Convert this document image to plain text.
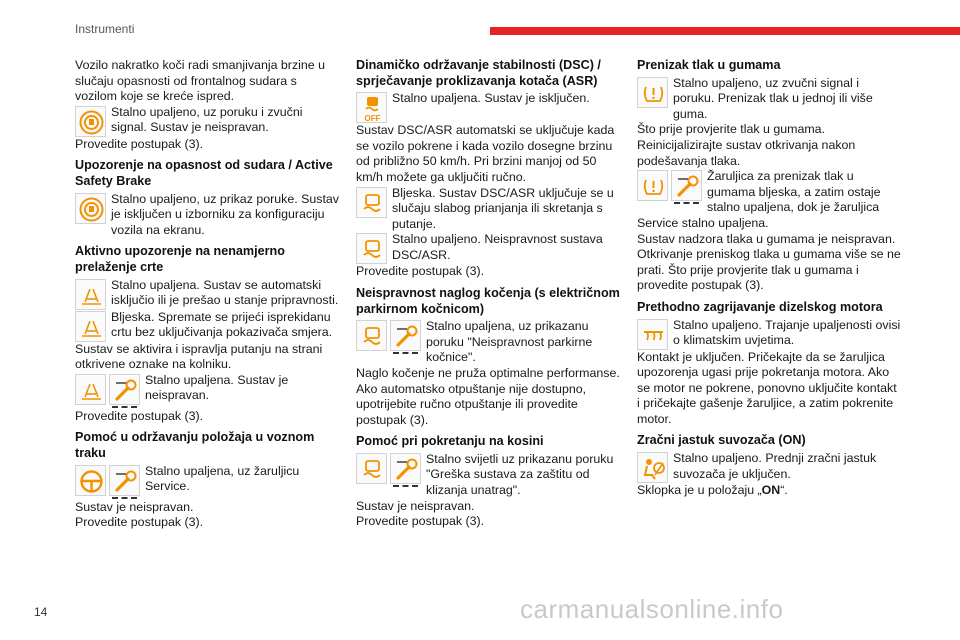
Instrumenti

Vozilo nakratko koči radi smanjivanja brzine u slučaju opasnosti od frontalnog sudara s vozilom koje se kreće ispred.

Stalno upaljeno, uz poruku i zvučni signal. Sustav je neispravan.

Provedite postupak (3).

Upozorenje na opasnost od sudara / Active Safety Brake

Stalno upaljeno, uz prikaz poruke. Sustav je isključen u izborniku za konfiguraciju vozila na ekranu.

Aktivno upozorenje na nenamjerno prelaženje crte

Stalno upaljena. Sustav se automatski isključio ili je prešao u stanje pripravnosti.

Bljeska. Spremate se prijeći isprekidanu crtu bez uključivanja pokazivača smjera.

Sustav se aktivira i ispravlja putanju na strani otkrivene oznake na kolniku.

Stalno upaljena. Sustav je neispravan.

Provedite postupak (3).

Pomoć u održavanju položaja u voznom traku

Stalno upaljena, uz žaruljicu Service.

Sustav je neispravan.

Provedite postupak (3).

Dinamičko održavanje stabilnosti (DSC) / sprječavanje proklizavanja kotača (ASR)
OFF

Stalno upaljena. Sustav je isključen.

Sustav DSC/ASR automatski se uključuje kada se vozilo pokrene i kada vozilo dosegne brzinu od približno 50 km/h. Pri brzini manjoj od 50 km/h možete ga uključiti ručno.

Bljeska. Sustav DSC/ASR uključuje se u slučaju slabog prianjanja ili skretanja s putanje.

Stalno upaljeno. Neispravnost sustava DSC/ASR.

Provedite postupak (3).

Neispravnost naglog kočenja (s električnom parkirnom kočnicom)

Stalno upaljena, uz prikazanu poruku "Neispravnost parkirne kočnice".

Naglo kočenje ne pruža optimalne performanse. Ako automatsko otpuštanje nije dostupno, upotrijebite ručno otpuštanje ili provedite postupak (3).

Pomoć pri pokretanju na kosini

Stalno svijetli uz prikazanu poruku "Greška sustava za zaštitu od klizanja unatrag".

Sustav je neispravan.

Provedite postupak (3).

Prenizak tlak u gumama

Stalno upaljeno, uz zvučni signal i poruku. Prenizak tlak u jednoj ili više guma.

Što prije provjerite tlak u gumama. Reinicijalizirajte sustav otkrivanja nakon podešavanja tlaka.

Žaruljica za prenizak tlak u gumama bljeska, a zatim ostaje stalno upaljena, dok je žaruljica Service stalno upaljena.

Sustav nadzora tlaka u gumama je neispravan. Otkrivanje preniskog tlaka u gumama više se ne prati. Što prije provjerite tlak u gumama i provedite postupak (3).

Prethodno zagrijavanje dizelskog motora

Stalno upaljeno. Trajanje upaljenosti ovisi o klimatskim uvjetima.

Kontakt je uključen. Pričekajte da se žaruljica upozorenja ugasi prije pokretanja motora. Ako se motor ne pokrene, ponovno uključite kontakt i pričekajte gašenje žaruljice, a zatim pokrenite motor.

Zračni jastuk suvozača (ON)

Stalno upaljeno. Prednji zračni jastuk suvozača je uključen.

Sklopka je u položaju „ON“.

14	carmanualsonline.info
